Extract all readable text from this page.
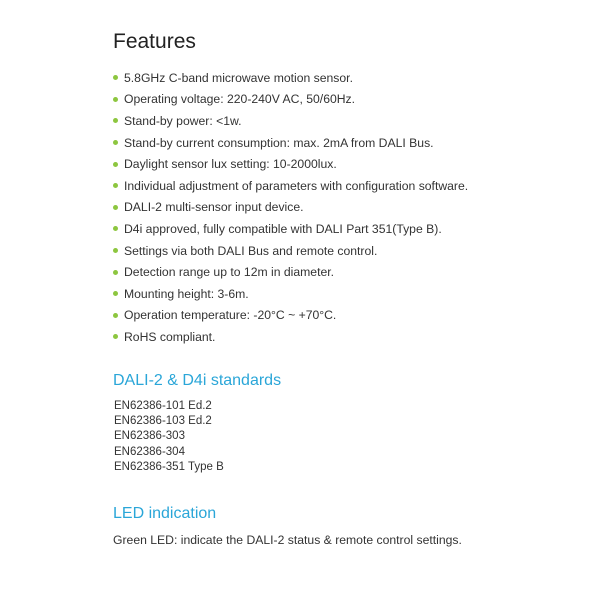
Features
5.8GHz C-band microwave motion sensor.
Operating voltage: 220-240V AC, 50/60Hz.
Stand-by power: <1w.
Stand-by current consumption: max. 2mA from DALI Bus.
Daylight sensor lux setting: 10-2000lux.
Individual adjustment of parameters with configuration software.
DALI-2 multi-sensor input device.
D4i approved, fully compatible with DALI Part 351(Type B).
Settings via both DALI Bus and remote control.
Detection range up to 12m in diameter.
Mounting height: 3-6m.
Operation temperature: -20°C ~ +70°C.
RoHS compliant.
DALI-2 & D4i standards
EN62386-101 Ed.2
EN62386-103 Ed.2
EN62386-303
EN62386-304
EN62386-351 Type B
LED indication
Green LED: indicate the DALI-2 status & remote control settings.
